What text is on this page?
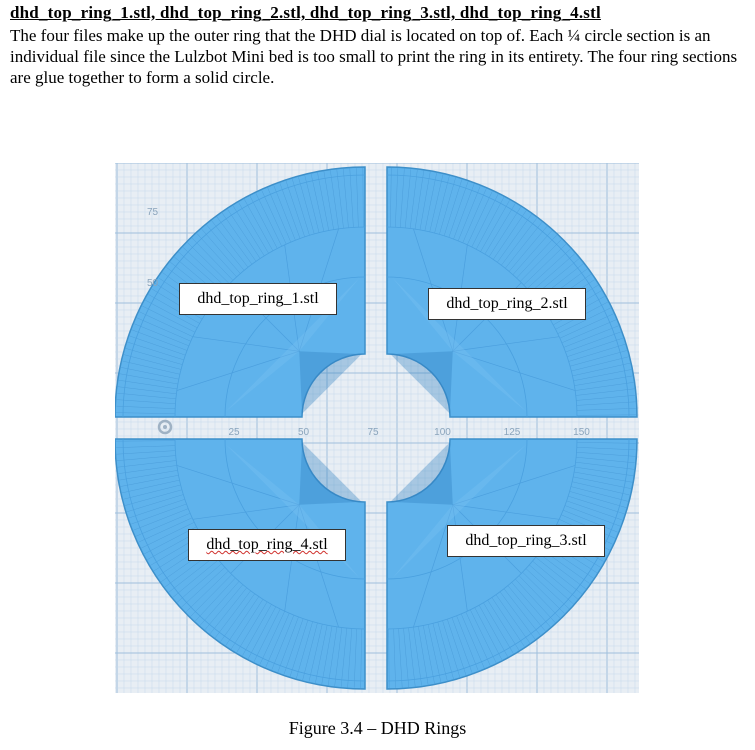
dhd_top_ring_1.stl, dhd_top_ring_2.stl, dhd_top_ring_3.stl, dhd_top_ring_4.stl

The four files make up the outer ring that the DHD dial is located on top of. Each ¼ circle section is an individual file since the Lulzbot Mini bed is too small to print the ring in its entirety. The four ring sections are glue together to form a solid circle.

25	50	75	100	125	150
75
50
dhd_top_ring_1.stl	dhd_top_ring_2.stl
dhd_top_ring_4.stl	dhd_top_ring_3.stl
Figure 3.4 – DHD Rings
